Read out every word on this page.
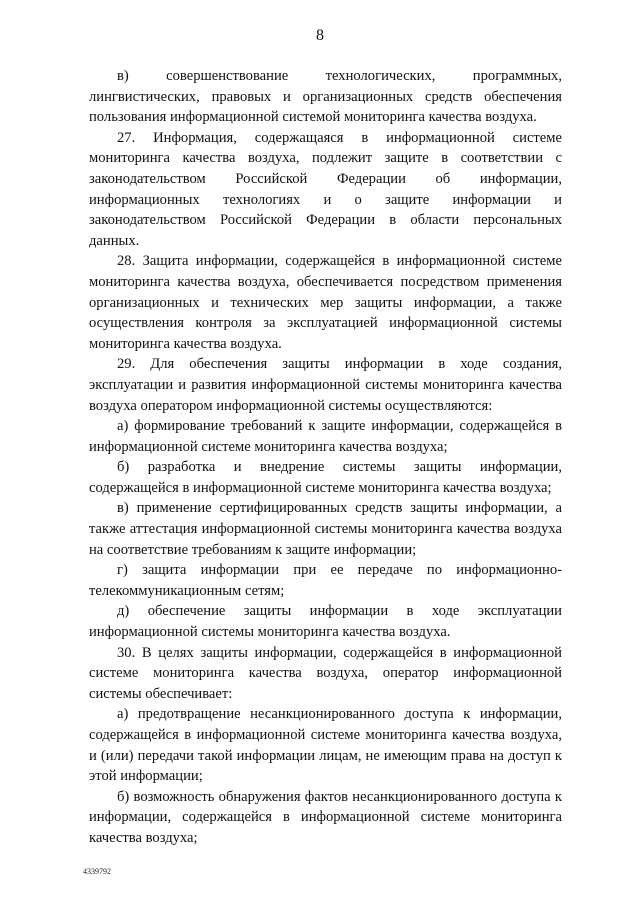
8

в) совершенствование технологических, программных, лингвистических, правовых и организационных средств обеспечения пользования информационной системой мониторинга качества воздуха.

27. Информация, содержащаяся в информационной системе мониторинга качества воздуха, подлежит защите в соответствии с законодательством Российской Федерации об информации, информационных технологиях и о защите информации и законодательством Российской Федерации в области персональных данных.

28. Защита информации, содержащейся в информационной системе мониторинга качества воздуха, обеспечивается посредством применения организационных и технических мер защиты информации, а также осуществления контроля за эксплуатацией информационной системы мониторинга качества воздуха.

29. Для обеспечения защиты информации в ходе создания, эксплуатации и развития информационной системы мониторинга качества воздуха оператором информационной системы осуществляются:

а) формирование требований к защите информации, содержащейся в информационной системе мониторинга качества воздуха;

б) разработка и внедрение системы защиты информации, содержащейся в информационной системе мониторинга качества воздуха;

в) применение сертифицированных средств защиты информации, а также аттестация информационной системы мониторинга качества воздуха на соответствие требованиям к защите информации;

г) защита информации при ее передаче по информационно-телекоммуникационным сетям;

д) обеспечение защиты информации в ходе эксплуатации информационной системы мониторинга качества воздуха.

30. В целях защиты информации, содержащейся в информационной системе мониторинга качества воздуха, оператор информационной системы обеспечивает:

а) предотвращение несанкционированного доступа к информации, содержащейся в информационной системе мониторинга качества воздуха, и (или) передачи такой информации лицам, не имеющим права на доступ к этой информации;

б) возможность обнаружения фактов несанкционированного доступа к информации, содержащейся в информационной системе мониторинга качества воздуха;

4339792
